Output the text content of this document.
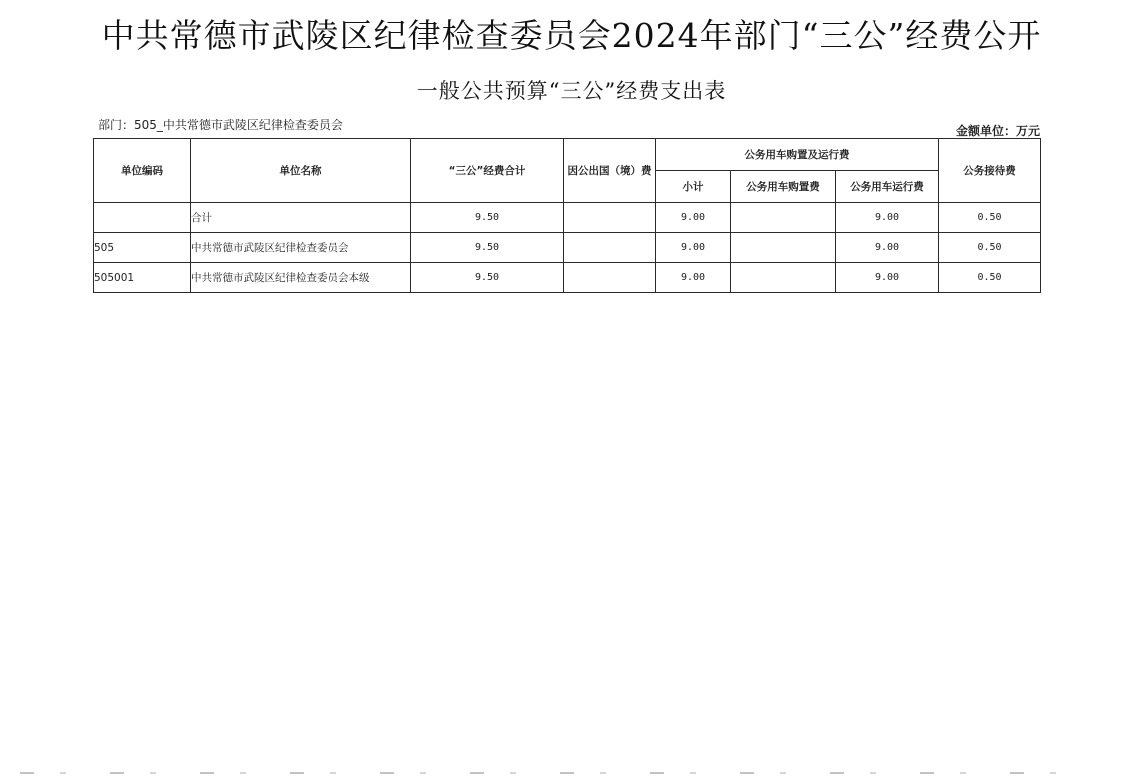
中共常德市武陵区纪律检查委员会2024年部门“三公”经费公开
一般公共预算“三公”经费支出表
部门：505_中共常德市武陵区纪律检查委员会	金额单位：万元
单位编码	单位名称	“三公”经费合计	因公出国（境）费	公务用车购置及运行费			公务接待费
				小计	公务用车购置费	公务用车运行费	
	合计	9.50		9.00		9.00	0.50
505	中共常德市武陵区纪律检查委员会	9.50		9.00		9.00	0.50
505001	中共常德市武陵区纪律检查委员会本级	9.50		9.00		9.00	0.50
